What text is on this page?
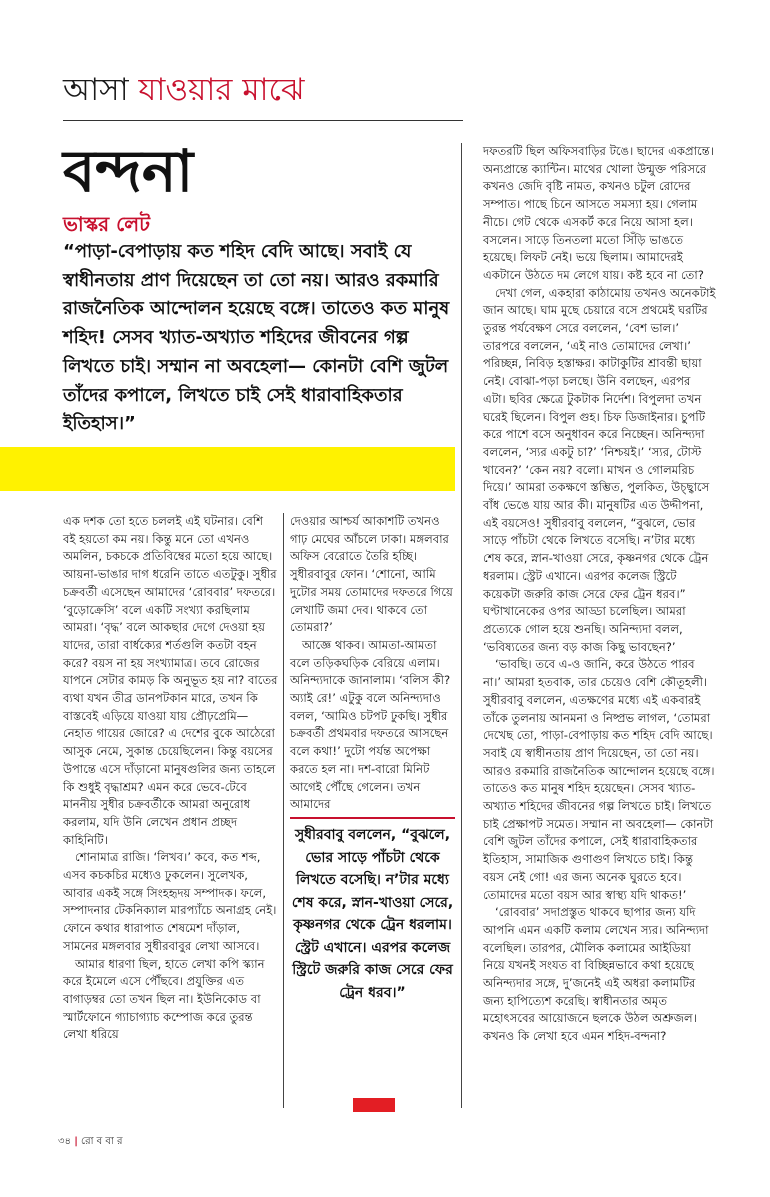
আসা যাওয়ার মাঝে
বন্দনা
ভাস্কর লেট
“পাড়া-বেপাড়ায় কত শহিদ বেদি আছে। সবাই যে স্বাধীনতায় প্রাণ দিয়েছেন তা তো নয়। আরও রকমারি রাজনৈতিক আন্দোলন হয়েছে বঙ্গে। তাতেও কত মানুষ শহিদ! সেসব খ্যাত-অখ্যাত শহিদের জীবনের গল্প লিখতে চাই। সম্মান না অবহেলা— কোনটা বেশি জুটল তাঁদের কপালে, লিখতে চাই সেই ধারাবাহিকতার ইতিহাস।”

এক দশক তো হতে চললই এই ঘটনার। বেশি বই হয়তো কম নয়। কিন্তু মনে তো এখনও অমলিন, চকচকে প্রতিবিম্বের মতো হয়ে আছে। আয়না-ভাঙার দাগ ধরেনি তাতে এতটুকু। সুধীর চক্রবর্তী এসেছেন আমাদের ‘রোববার’ দফতরে। ‘বুড়োক্রেসি’ বলে একটি সংখ্যা করছিলাম আমরা। ‘বৃদ্ধ’ বলে আকছার দেগে দেওয়া হয় যাদের, তারা বার্ধক্যের শর্তগুলি কতটা বহন করে? বয়স না হয় সংখ্যামাত্র। তবে রোজের যাপনে সেটার কামড় কি অনুভূত হয় না? বাতের ব্যথা যখন তীব্র ডানপটকান মারে, তখন কি বাস্তবেই এড়িয়ে যাওয়া যায় প্রৌঢ়প্রেমি— নেহাত গায়ের জোরে? এ দেশের বুকে আঠেরো আসুক নেমে, সুকান্ত চেয়েছিলেন। কিন্তু বয়সের উপান্তে এসে দাঁড়ানো মানুষগুলির জন্য তাহলে কি শুধুই বৃদ্ধাশ্রম? এমন করে ভেবে-টেবে মাননীয় সুধীর চক্রবর্তীকে আমরা অনুরোধ করলাম, যদি উনি লেখেন প্রধান প্রচ্ছদ কাহিনিটি।

শোনামাত্র রাজি। ‘লিখব।’ কবে, কত শব্দ, এসব কচকচির মধ্যেও ঢুকলেন। সুলেখক, আবার একই সঙ্গে সিংহহৃদয় সম্পাদক। ফলে, সম্পাদনার টেকনিক্যাল মারপ্যাঁচে অনাগ্রহ নেই। ফোনে কথার ধারাপাত শেষমেশ দাঁড়াল, সামনের মঙ্গলবার সুধীরবাবুর লেখা আসবে।

আমার ধারণা ছিল, হাতে লেখা কপি স্ক্যান করে ইমেলে এসে পৌঁছবে। প্রযুক্তির এত বাগাড়ম্বর তো তখন ছিল না। ইউনিকোড বা স্মার্টফোনে গ্যাচাগ্যাচ কম্পোজ করে তুরন্ত লেখা ধরিয়ে

দেওয়ার আশ্চর্য আকাশটি তখনও গাঢ় মেঘের আঁচলে ঢাকা। মঙ্গলবার অফিস বেরোতে তৈরি হচ্ছি। সুধীরবাবুর ফোন। ‘শোনো, আমি দুটোর সময় তোমাদের দফতরে গিয়ে লেখাটি জমা দেব। থাকবে তো তোমরা?’

আজ্ঞে থাকব। আমতা-আমতা বলে তড়িকঘড়িক বেরিয়ে এলাম। অনিন্দ্যদাকে জানালাম। ‘বলিস কী? অ্যাই রে!’ এটুকু বলে অনিন্দ্যদাও বলল, ‘আমিও চটপট ঢুকছি। সুধীর চক্রবর্তী প্রথমবার দফতরে আসছেন বলে কথা!’ দুটো পর্যন্ত অপেক্ষা করতে হল না। দশ-বারো মিনিট আগেই পৌঁছে গেলেন। তখন আমাদের

সুধীরবাবু বললেন, “বুঝলে, ভোর সাড়ে পাঁচটা থেকে লিখতে বসেছি। ন’টার মধ্যে শেষ করে, স্নান-খাওয়া সেরে, কৃষ্ণনগর থেকে ট্রেন ধরলাম। স্ট্রেট এখানে। এরপর কলেজ স্ট্রিটে জরুরি কাজ সেরে ফের ট্রেন ধরব।”

দফতরটি ছিল অফিসবাড়ির টঙে। ছাদের একপ্রান্তে। অন্যপ্রান্তে ক্যান্টিন। মাথের খোলা উন্মুক্ত পরিসরে কখনও জেদি বৃষ্টি নামত, কখনও চটুল রোদের সম্পাত। পাছে চিনে আসতে সমস্যা হয়। গেলাম নীচে। গেট থেকে এসকর্ট করে নিয়ে আসা হল। বসলেন। সাড়ে তিনতলা মতো সিঁড়ি ভাঙতে হয়েছে। লিফট নেই। ভয়ে ছিলাম। আমাদেরই একটানে উঠতে দম লেগে যায়। কষ্ট হবে না তো?

দেখা গেল, একহারা কাঠামোয় তখনও অনেকটাই জান আছে। ঘাম মুছে চেয়ারে বসে প্রথমেই ঘরটির তুরন্ত পর্যবেক্ষণ সেরে বললেন, ‘বেশ ভাল।’ তারপরে বললেন, ‘এই নাও তোমাদের লেখা।’ পরিচ্ছন্ন, নিবিড় হস্তাক্ষর। কাটাকুটির শ্রাবন্তী ছায়া নেই। বোঝা-পড়া চলছে। উনি বলছেন, এরপর এটা। ছবির ক্ষেত্রে টুকটাক নির্দেশ। বিপুলদা তখন ঘরেই ছিলেন। বিপুল গুহ। চিফ ডিজাইনার। চুপটি করে পাশে বসে অনুধাবন করে নিচ্ছেন। অনিন্দ্যদা বললেন, ‘স্যর একটু চা?’ ‘নিশ্চয়ই।’ ‘স্যর, টোস্ট খাবেন?’ ‘কেন নয়? বলো। মাখন ও গোলমরিচ দিয়ে।’ আমরা তকক্ষণে স্তম্ভিত, পুলকিত, উচ্ছ্বাসে বাঁধ ভেঙে যায় আর কী। মানুষটির এত উদ্দীপনা, এই বয়সেও! সুধীরবাবু বললেন, “বুঝলে, ভোর সাড়ে পাঁচটা থেকে লিখতে বসেছি। ন’টার মধ্যে শেষ করে, স্নান-খাওয়া সেরে, কৃষ্ণনগর থেকে ট্রেন ধরলাম। স্ট্রেট এখানে। এরপর কলেজ স্ট্রিটে কয়েকটা জরুরি কাজ সেরে ফের ট্রেন ধরব।” ঘণ্টাখানেকের ওপর আড্ডা চলেছিল। আমরা প্রত্যেকে গোল হয়ে শুনছি। অনিন্দ্যদা বলল, ‘ভবিষ্যতের জন্য বড় কাজ কিছু ভাবছেন?’

‘ভাবছি। তবে এ-ও জানি, করে উঠতে পারব না।’ আমরা হতবাক, তার চেয়েও বেশি কৌতূহলী। সুধীরবাবু বললেন, এতক্ষণের মধ্যে এই একবারই তাঁকে তুলনায় আনমনা ও নিষ্প্রভ লাগল, ‘তোমরা দেখেছ তো, পাড়া-বেপাড়ায় কত শহিদ বেদি আছে। সবাই যে স্বাধীনতায় প্রাণ দিয়েছেন, তা তো নয়। আরও রকমারি রাজনৈতিক আন্দোলন হয়েছে বঙ্গে। তাতেও কত মানুষ শহিদ হয়েছেন। সেসব খ্যাত-অখ্যাত শহিদের জীবনের গল্প লিখতে চাই। লিখতে চাই প্রেক্ষাপট সমেত। সম্মান না অবহেলা— কোনটা বেশি জুটল তাঁদের কপালে, সেই ধারাবাহিকতার ইতিহাস, সামাজিক গুণাগুণ লিখতে চাই। কিন্তু বয়স নেই গো! এর জন্য অনেক ঘুরতে হবে। তোমাদের মতো বয়স আর স্বাস্থ্য যদি থাকত!’

‘রোববার’ সদাপ্রস্তুত থাকবে ছাপার জন্য যদি আপনি এমন একটি কলাম লেখেন স্যর। অনিন্দ্যদা বলেছিল। তারপর, মৌলিক কলামের আইডিয়া নিয়ে যখনই সংযত বা বিচ্ছিন্নভাবে কথা হয়েছে অনিন্দ্যদার সঙ্গে, দু’জনেই এই অধরা কলামটির জন্য হাপিত্যেশ করেছি। স্বাধীনতার অমৃত মহোৎসবের আয়োজনে ছলকে উঠল অশ্রুজল। কখনও কি লেখা হবে এমন শহিদ-বন্দনা?

৩৪ | রো ব বা র
